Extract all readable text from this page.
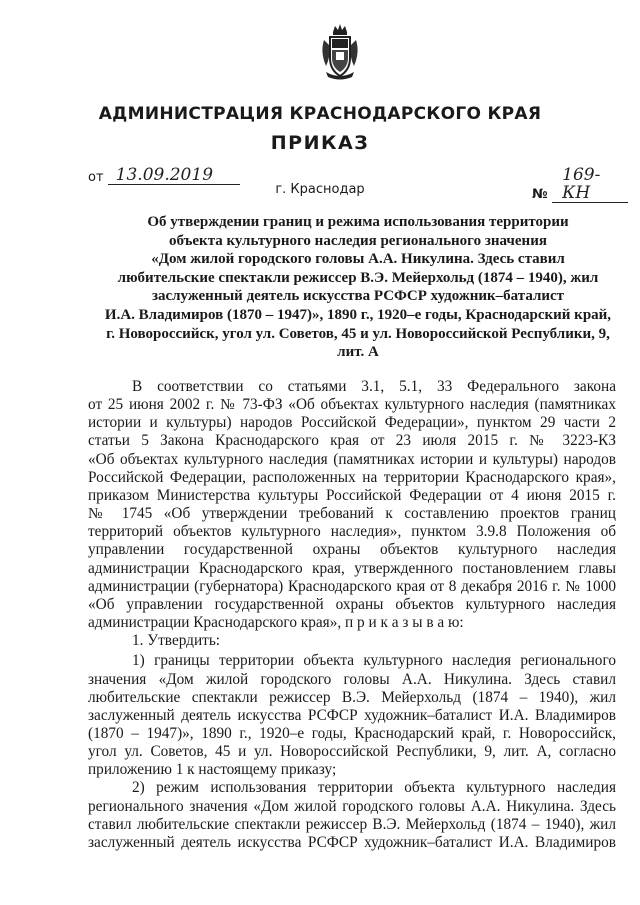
АДМИНИСТРАЦИЯ КРАСНОДАРСКОГО КРАЯ
ПРИКАЗ
от 13.09.2019
№ 169-КН
г. Краснодар
Об утверждении границ и режима использования территории
объекта культурного наследия регионального значения
«Дом жилой городского головы А.А. Никулина. Здесь ставил
любительские спектакли режиссер В.Э. Мейерхольд (1874 – 1940), жил
заслуженный деятель искусства РСФСР художник–баталист
И.А. Владимиров (1870 – 1947)», 1890 г., 1920–е годы, Краснодарский край,
г. Новороссийск, угол ул. Советов, 45 и ул. Новороссийской Республики, 9,
лит. А
В соответствии со статьями 3.1, 5.1, 33 Федерального закона
от 25 июня 2002 г. № 73-ФЗ «Об объектах культурного наследия (памятниках
истории и культуры) народов Российской Федерации», пунктом 29 части 2
статьи 5 Закона Краснодарского края от 23 июля 2015 г. № 3223-КЗ
«Об объектах культурного наследия (памятниках истории и культуры) народов
Российской Федерации, расположенных на территории Краснодарского края»,
приказом Министерства культуры Российской Федерации от 4 июня 2015 г.
№ 1745 «Об утверждении требований к составлению проектов границ
территорий объектов культурного наследия», пунктом 3.9.8 Положения об
управлении государственной охраны объектов культурного наследия
администрации Краснодарского края, утвержденного постановлением главы
администрации (губернатора) Краснодарского края от 8 декабря 2016 г. № 1000
«Об управлении государственной охраны объектов культурного наследия
администрации Краснодарского края», п р и к а з ы в а ю:
1. Утвердить:
1) границы территории объекта культурного наследия регионального
значения «Дом жилой городского головы А.А. Никулина. Здесь ставил
любительские спектакли режиссер В.Э. Мейерхольд (1874 – 1940), жил
заслуженный деятель искусства РСФСР художник–баталист И.А. Владимиров
(1870 – 1947)», 1890 г., 1920–е годы, Краснодарский край, г. Новороссийск,
угол ул. Советов, 45 и ул. Новороссийской Республики, 9, лит. А, согласно
приложению 1 к настоящему приказу;
2) режим использования территории объекта культурного наследия
регионального значения «Дом жилой городского головы А.А. Никулина. Здесь
ставил любительские спектакли режиссер В.Э. Мейерхольд (1874 – 1940), жил
заслуженный деятель искусства РСФСР художник–баталист И.А. Владимиров
